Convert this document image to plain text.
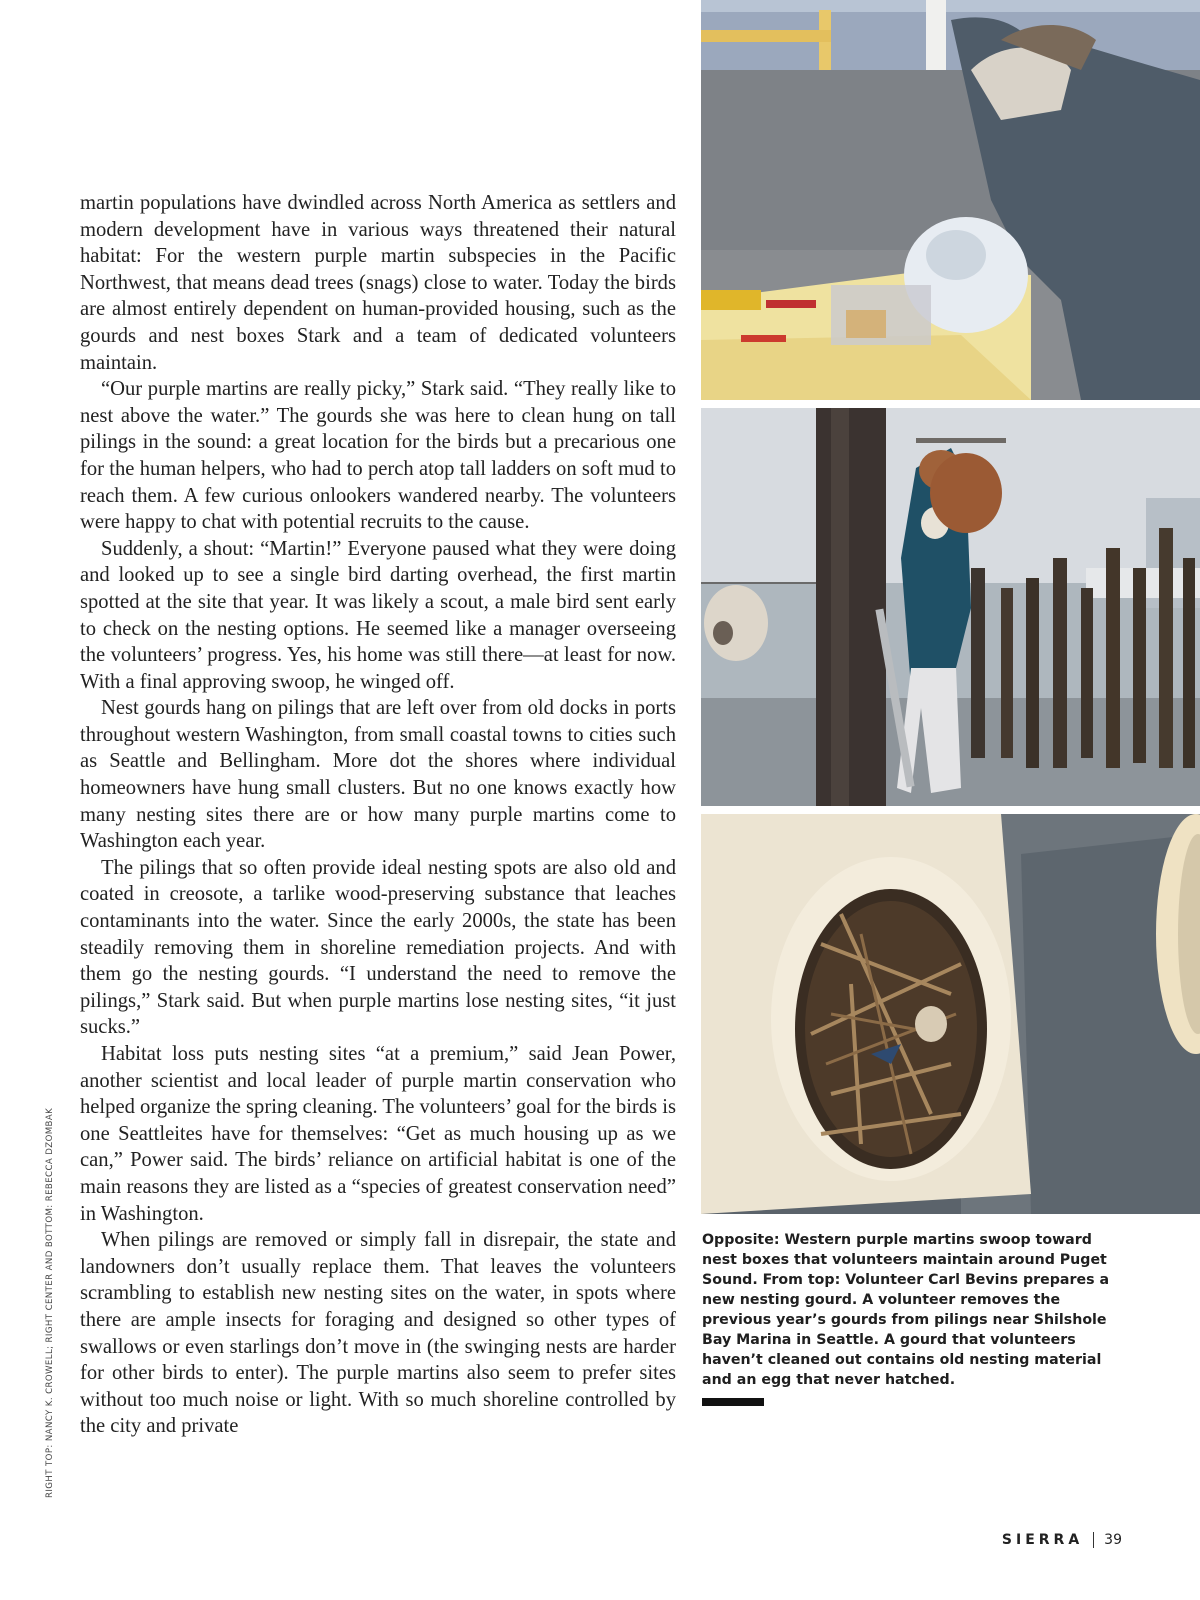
martin populations have dwindled across North America as settlers and modern development have in various ways threatened their natural habitat: For the western purple martin subspecies in the Pacific Northwest, that means dead trees (snags) close to water. Today the birds are almost entirely dependent on human-provided housing, such as the gourds and nest boxes Stark and a team of dedicated volunteers maintain.

“Our purple martins are really picky,” Stark said. “They really like to nest above the water.” The gourds she was here to clean hung on tall pilings in the sound: a great location for the birds but a precarious one for the human helpers, who had to perch atop tall ladders on soft mud to reach them. A few curious onlookers wandered nearby. The volunteers were happy to chat with potential recruits to the cause.

Suddenly, a shout: “Martin!” Everyone paused what they were doing and looked up to see a single bird darting overhead, the first martin spotted at the site that year. It was likely a scout, a male bird sent early to check on the nesting options. He seemed like a manager overseeing the volunteers’ progress. Yes, his home was still there—at least for now. With a final approving swoop, he winged off.

Nest gourds hang on pilings that are left over from old docks in ports throughout western Washington, from small coastal towns to cities such as Seattle and Bellingham. More dot the shores where individual homeowners have hung small clusters. But no one knows exactly how many nesting sites there are or how many purple martins come to Washington each year.

The pilings that so often provide ideal nesting spots are also old and coated in creosote, a tarlike wood-preserving substance that leaches contaminants into the water. Since the early 2000s, the state has been steadily removing them in shoreline remediation projects. And with them go the nesting gourds. “I understand the need to remove the pilings,” Stark said. But when purple martins lose nesting sites, “it just sucks.”

Habitat loss puts nesting sites “at a premium,” said Jean Power, another scientist and local leader of purple martin conservation who helped organize the spring cleaning. The volunteers’ goal for the birds is one Seattleites have for themselves: “Get as much housing up as we can,” Power said. The birds’ reliance on artificial habitat is one of the main reasons they are listed as a “species of greatest conservation need” in Washington.

When pilings are removed or simply fall in disrepair, the state and landowners don’t usually replace them. That leaves the volunteers scrambling to establish new nesting sites on the water, in spots where there are ample insects for foraging and designed so other types of swallows or even starlings don’t move in (the swinging nests are harder for other birds to enter). The purple martins also seem to prefer sites without too much noise or light. With so much shoreline controlled by the city and private

RIGHT TOP: NANCY K. CROWELL; RIGHT CENTER AND BOTTOM: REBECCA DZOMBAK	Opposite: Western purple martins swoop toward nest boxes that volunteers maintain around Puget Sound. From top: Volunteer Carl Bevins prepares a new nesting gourd. A volunteer removes the previous year’s gourds from pilings near Shilshole Bay Marina in Seattle. A gourd that volunteers haven’t cleaned out contains old nesting material and an egg that never hatched.
SIERRA 39
